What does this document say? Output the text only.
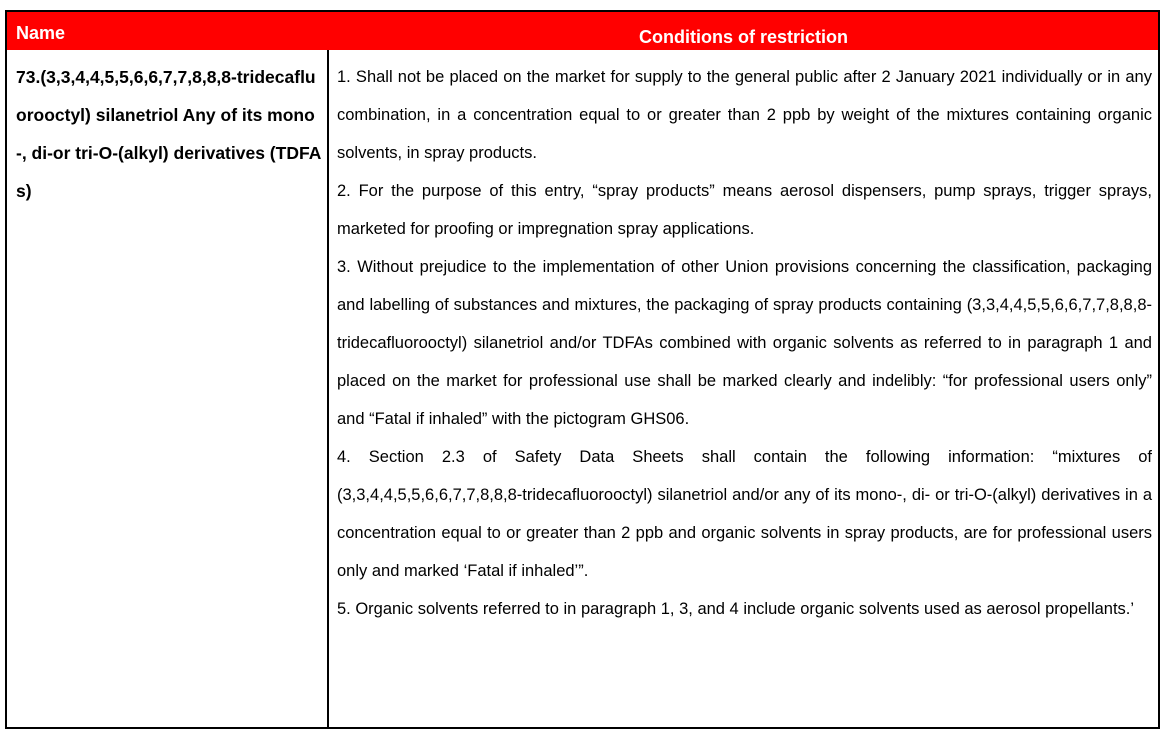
Name	Conditions of restriction
73.(3,3,4,4,5,5,6,6,7,7,8,8,8-tridecafluorooctyl) silanetriol Any of its mono-, di-or tri-O-(alkyl) derivatives (TDFAs)

1. Shall not be placed on the market for supply to the general public after 2 January 2021 individually or in any combination, in a concentration equal to or greater than 2 ppb by weight of the mixtures containing organic solvents, in spray products.

2. For the purpose of this entry, “spray products” means aerosol dispensers, pump sprays, trigger sprays, marketed for proofing or impregnation spray applications.

3. Without prejudice to the implementation of other Union provisions concerning the classification, packaging and labelling of substances and mixtures, the packaging of spray products containing (3,3,4,4,5,5,6,6,7,7,8,8,8-tridecafluorooctyl) silanetriol and/or TDFAs combined with organic solvents as referred to in paragraph 1 and placed on the market for professional use shall be marked clearly and indelibly: “for professional users only” and “Fatal if inhaled” with the pictogram GHS06.

4. Section 2.3 of Safety Data Sheets shall contain the following information: “mixtures of (3,3,4,4,5,5,6,6,7,7,8,8,8-tridecafluorooctyl) silanetriol and/or any of its mono-, di- or tri-O-(alkyl) derivatives in a concentration equal to or greater than 2 ppb and organic solvents in spray products, are for professional users only and marked ‘Fatal if inhaled’”.

5. Organic solvents referred to in paragraph 1, 3, and 4 include organic solvents used as aerosol propellants.’
